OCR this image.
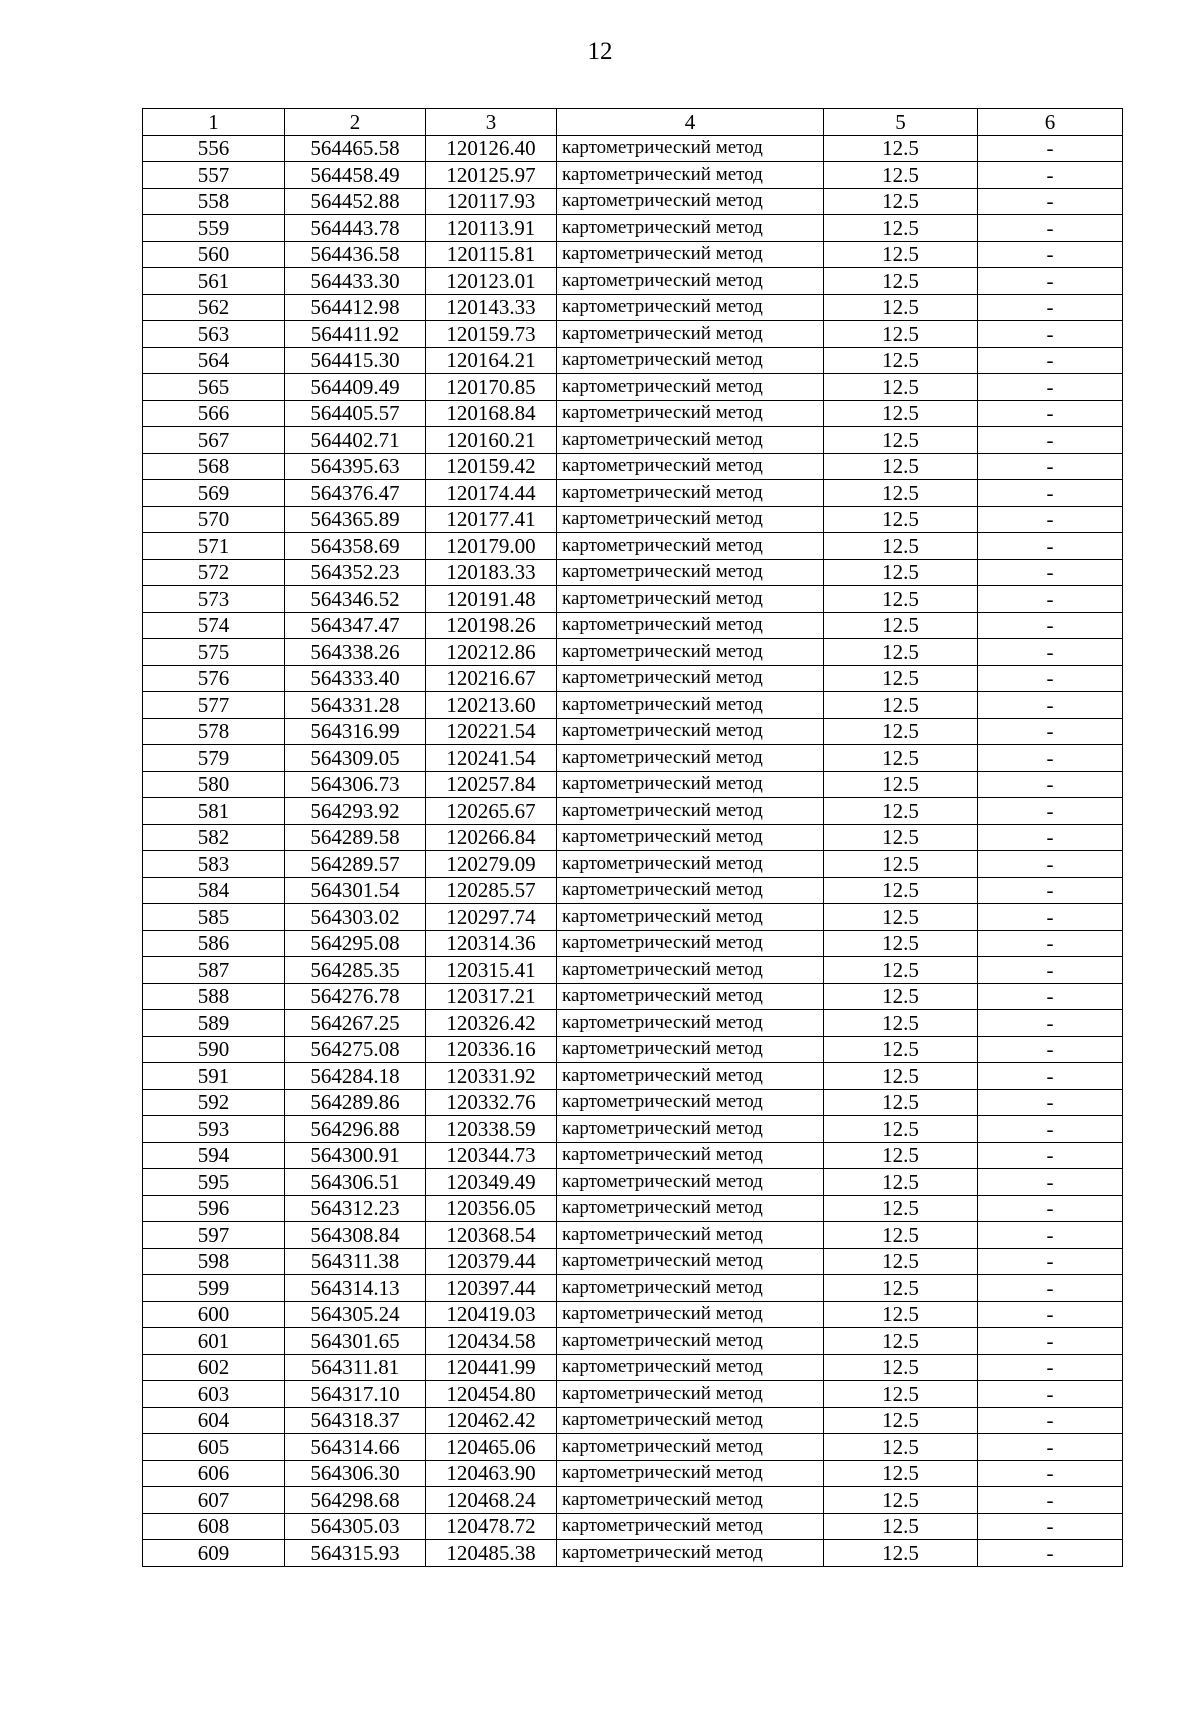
12
1	2	3	4	5	6
556	564465.58	120126.40	картометрический метод	12.5	-
557	564458.49	120125.97	картометрический метод	12.5	-
558	564452.88	120117.93	картометрический метод	12.5	-
559	564443.78	120113.91	картометрический метод	12.5	-
560	564436.58	120115.81	картометрический метод	12.5	-
561	564433.30	120123.01	картометрический метод	12.5	-
562	564412.98	120143.33	картометрический метод	12.5	-
563	564411.92	120159.73	картометрический метод	12.5	-
564	564415.30	120164.21	картометрический метод	12.5	-
565	564409.49	120170.85	картометрический метод	12.5	-
566	564405.57	120168.84	картометрический метод	12.5	-
567	564402.71	120160.21	картометрический метод	12.5	-
568	564395.63	120159.42	картометрический метод	12.5	-
569	564376.47	120174.44	картометрический метод	12.5	-
570	564365.89	120177.41	картометрический метод	12.5	-
571	564358.69	120179.00	картометрический метод	12.5	-
572	564352.23	120183.33	картометрический метод	12.5	-
573	564346.52	120191.48	картометрический метод	12.5	-
574	564347.47	120198.26	картометрический метод	12.5	-
575	564338.26	120212.86	картометрический метод	12.5	-
576	564333.40	120216.67	картометрический метод	12.5	-
577	564331.28	120213.60	картометрический метод	12.5	-
578	564316.99	120221.54	картометрический метод	12.5	-
579	564309.05	120241.54	картометрический метод	12.5	-
580	564306.73	120257.84	картометрический метод	12.5	-
581	564293.92	120265.67	картометрический метод	12.5	-
582	564289.58	120266.84	картометрический метод	12.5	-
583	564289.57	120279.09	картометрический метод	12.5	-
584	564301.54	120285.57	картометрический метод	12.5	-
585	564303.02	120297.74	картометрический метод	12.5	-
586	564295.08	120314.36	картометрический метод	12.5	-
587	564285.35	120315.41	картометрический метод	12.5	-
588	564276.78	120317.21	картометрический метод	12.5	-
589	564267.25	120326.42	картометрический метод	12.5	-
590	564275.08	120336.16	картометрический метод	12.5	-
591	564284.18	120331.92	картометрический метод	12.5	-
592	564289.86	120332.76	картометрический метод	12.5	-
593	564296.88	120338.59	картометрический метод	12.5	-
594	564300.91	120344.73	картометрический метод	12.5	-
595	564306.51	120349.49	картометрический метод	12.5	-
596	564312.23	120356.05	картометрический метод	12.5	-
597	564308.84	120368.54	картометрический метод	12.5	-
598	564311.38	120379.44	картометрический метод	12.5	-
599	564314.13	120397.44	картометрический метод	12.5	-
600	564305.24	120419.03	картометрический метод	12.5	-
601	564301.65	120434.58	картометрический метод	12.5	-
602	564311.81	120441.99	картометрический метод	12.5	-
603	564317.10	120454.80	картометрический метод	12.5	-
604	564318.37	120462.42	картометрический метод	12.5	-
605	564314.66	120465.06	картометрический метод	12.5	-
606	564306.30	120463.90	картометрический метод	12.5	-
607	564298.68	120468.24	картометрический метод	12.5	-
608	564305.03	120478.72	картометрический метод	12.5	-
609	564315.93	120485.38	картометрический метод	12.5	-
